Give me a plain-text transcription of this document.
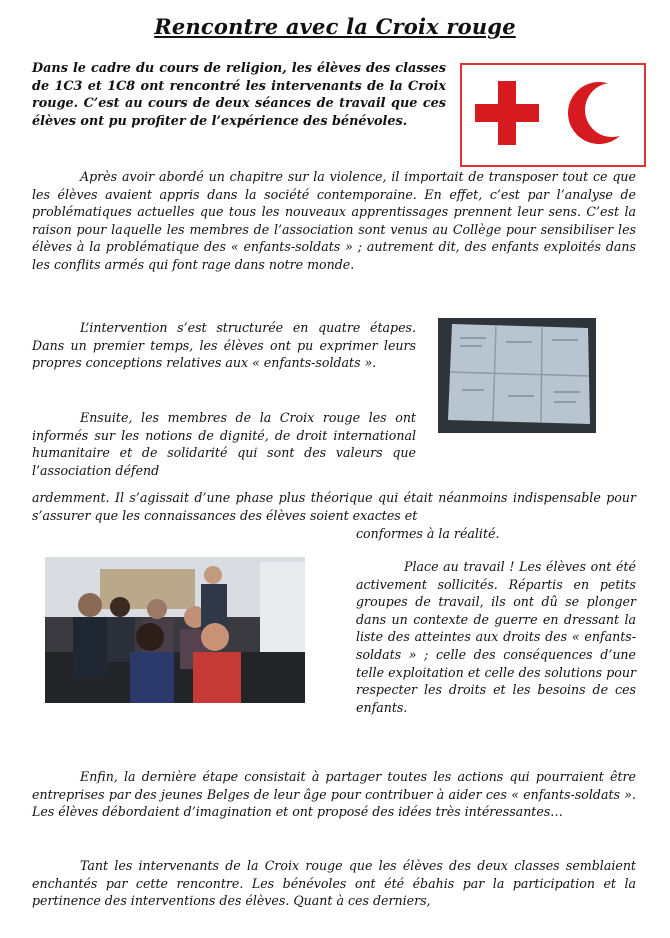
Rencontre avec la Croix rouge

Dans le cadre du cours de religion, les élèves des classes de 1C3 et 1C8 ont rencontré les intervenants de la Croix rouge. C’est au cours de deux séances de travail que ces élèves ont pu profiter de l’expérience des bénévoles.

Après avoir abordé un chapitre sur la violence, il importait de transposer tout ce que les élèves avaient appris dans la société contemporaine. En effet, c’est par l’analyse de problématiques actuelles que tous les nouveaux apprentissages prennent leur sens. C’est la raison pour laquelle les membres de l’association sont venus au Collège pour sensibiliser les élèves à la problématique des « enfants-soldats » ; autrement dit, des enfants exploités dans les conflits armés qui font rage dans notre monde.

L’intervention s’est structurée en quatre étapes. Dans un premier temps, les élèves ont pu exprimer leurs propres conceptions relatives aux « enfants-soldats ».

Ensuite, les membres de la Croix rouge les ont informés sur les notions de dignité, de droit international humanitaire et de solidarité qui sont des valeurs que l’association défend

ardemment. Il s’agissait d’une phase plus théorique qui était néanmoins indispensable pour s’assurer que les connaissances des élèves soient exactes et

conformes à la réalité.

Place au travail ! Les élèves ont été activement sollicités. Répartis en petits groupes de travail, ils ont dû se plonger dans un contexte de guerre en dressant la liste des atteintes aux droits des « enfants-soldats » ; celle des conséquences d’une telle exploitation et celle des solutions pour respecter les droits et les besoins de ces enfants.

Enfin, la dernière étape consistait à partager toutes les actions qui pourraient être entreprises par des jeunes Belges de leur âge pour contribuer à aider ces « enfants-soldats ». Les élèves débordaient d’imagination et ont proposé des idées très intéressantes…

Tant les intervenants de la Croix rouge que les élèves des deux classes semblaient enchantés par cette rencontre. Les bénévoles ont été ébahis par la participation et la pertinence des interventions des élèves. Quant à ces derniers,
